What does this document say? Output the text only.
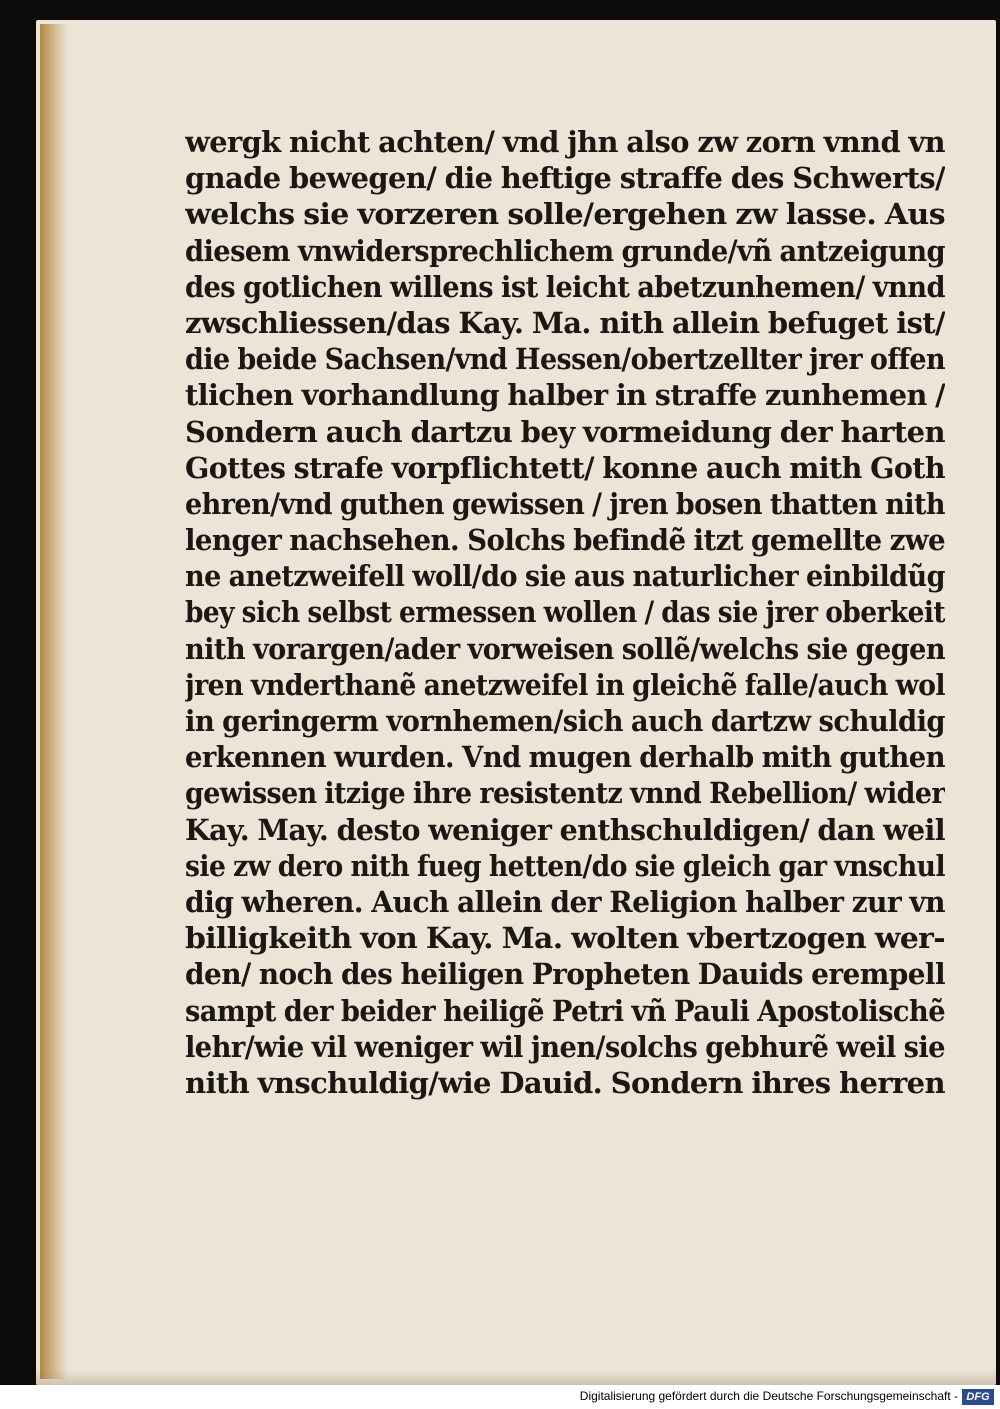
wergk nicht achten/ vnd jhn also zw zorn vnnd vn
gnade bewegen/ die heftige straffe des Schwerts/
welchs sie vorzeren solle/ergehen zw lasse. Aus
diesem vnwidersprechlichem grunde/vñ antzeigung
des gotlichen willens ist leicht abetzunhemen/ vnnd
zwschliessen/das Kay. Ma. nith allein befuget ist/
die beide Sachsen/vnd Hessen/obertzellter jrer offen
tlichen vorhandlung halber in straffe zunhemen /
Sondern auch dartzu bey vormeidung der harten
Gottes strafe vorpflichtett/ konne auch mith Goth
ehren/vnd guthen gewissen / jren bosen thatten nith
lenger nachsehen. Solchs befindẽ itzt gemellte zwe
ne anetzweifell woll/do sie aus naturlicher einbildũg
bey sich selbst ermessen wollen / das sie jrer oberkeit
nith vorargen/ader vorweisen sollẽ/welchs sie gegen
jren vnderthanẽ anetzweifel in gleichẽ falle/auch wol
in geringerm vornhemen/sich auch dartzw schuldig
erkennen wurden. Vnd mugen derhalb mith guthen
gewissen itzige ihre resistentz vnnd Rebellion/ wider
Kay. May. desto weniger enthschuldigen/ dan weil
sie zw dero nith fueg hetten/do sie gleich gar vnschul
dig wheren. Auch allein der Religion halber zur vn
billigkeith von Kay. Ma. wolten vbertzogen wer-
den/ noch des heiligen Propheten Dauids erempell
sampt der beider heiligẽ Petri vñ Pauli Apostolischẽ
lehr/wie vil weniger wil jnen/solchs gebhurẽ weil sie
nith vnschuldig/wie Dauid. Sondern ihres herren
Digitalisierung gefördert durch die Deutsche Forschungsgemeinschaft - DFG
